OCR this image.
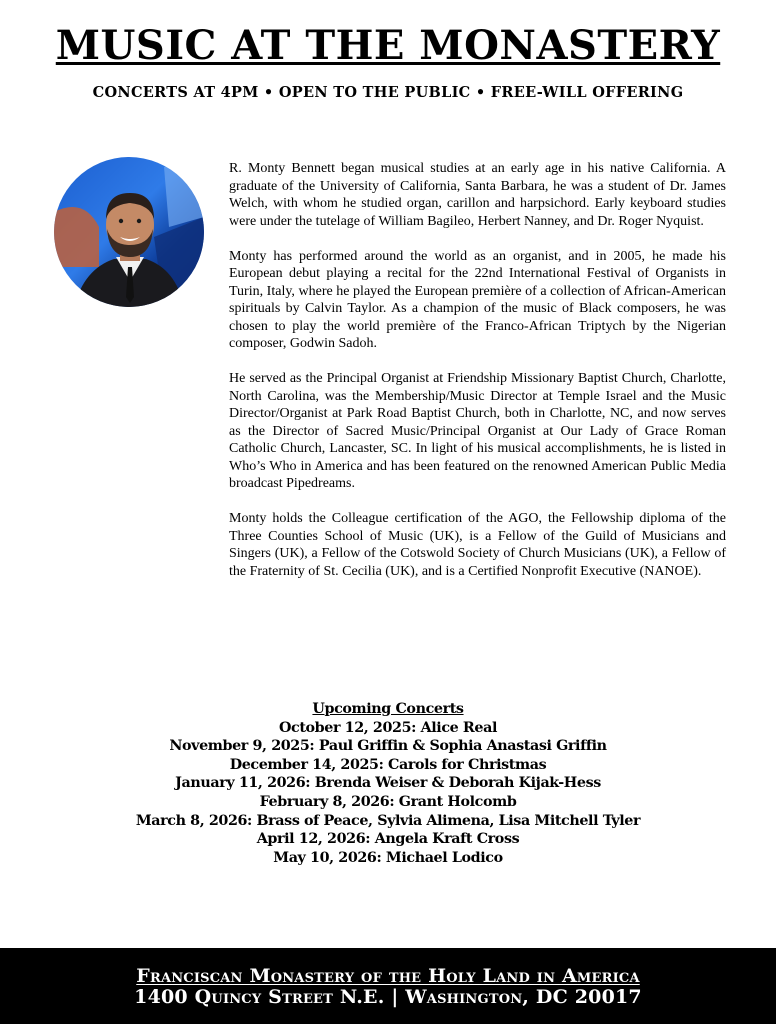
MUSIC AT THE MONASTERY
CONCERTS AT 4PM • OPEN TO THE PUBLIC • FREE-WILL OFFERING

R. Monty Bennett began musical studies at an early age in his native California. A graduate of the University of California, Santa Barbara, he was a student of Dr. James Welch, with whom he studied organ, carillon and harpsichord. Early keyboard studies were under the tutelage of William Bagileo, Herbert Nanney, and Dr. Roger Nyquist.

Monty has performed around the world as an organist, and in 2005, he made his European debut playing a recital for the 22nd International Festival of Organists in Turin, Italy, where he played the European première of a collection of African-American spirituals by Calvin Taylor. As a champion of the music of Black composers, he was chosen to play the world première of the Franco-African Triptych by the Nigerian composer, Godwin Sadoh.

He served as the Principal Organist at Friendship Missionary Baptist Church, Charlotte, North Carolina, was the Membership/Music Director at Temple Israel and the Music Director/Organist at Park Road Baptist Church, both in Charlotte, NC, and now serves as the Director of Sacred Music/Principal Organist at Our Lady of Grace Roman Catholic Church, Lancaster, SC. In light of his musical accomplishments, he is listed in Who’s Who in America and has been featured on the renowned American Public Media broadcast Pipedreams.

Monty holds the Colleague certification of the AGO, the Fellowship diploma of the Three Counties School of Music (UK), is a Fellow of the Guild of Musicians and Singers (UK), a Fellow of the Cotswold Society of Church Musicians (UK), a Fellow of the Fraternity of St. Cecilia (UK), and is a Certified Nonprofit Executive (NANOE).

Upcoming Concerts
October 12, 2025: Alice Real
November 9, 2025: Paul Griffin & Sophia Anastasi Griffin
December 14, 2025: Carols for Christmas
January 11, 2026: Brenda Weiser & Deborah Kijak-Hess
February 8, 2026: Grant Holcomb
March 8, 2026: Brass of Peace, Sylvia Alimena, Lisa Mitchell Tyler
April 12, 2026: Angela Kraft Cross
May 10, 2026: Michael Lodico
Franciscan Monastery of the Holy Land in America
1400 Quincy Street N.E. | Washington, DC 20017
